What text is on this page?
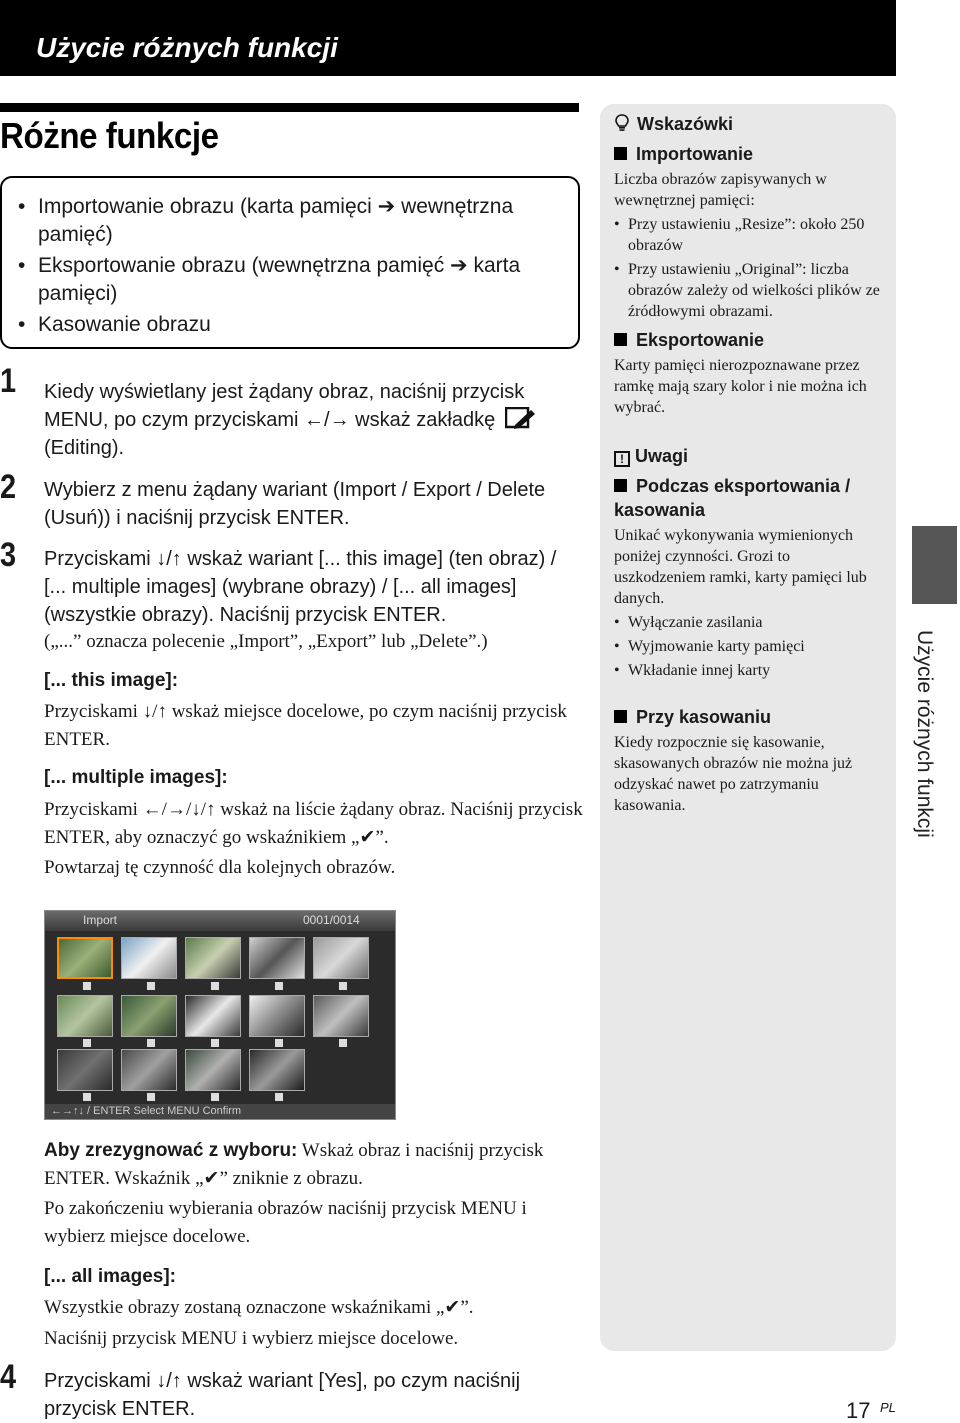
Użycie różnych funkcji
Różne funkcje
• Importowanie obrazu (karta pamięci ➔ wewnętrzna pamięć)
• Eksportowanie obrazu (wewnętrzna pamięć ➔ karta pamięci)
• Kasowanie obrazu
1 Kiedy wyświetlany jest żądany obraz, naciśnij przycisk MENU, po czym przyciskami ←/→ wskaż zakładkę  (Editing).
2 Wybierz z menu żądany wariant (Import / Export / Delete (Usuń)) i naciśnij przycisk ENTER.
3 Przyciskami ↓/↑ wskaż wariant [... this image] (ten obraz) / [... multiple images] (wybrane obrazy) / [... all images] (wszystkie obrazy). Naciśnij przycisk ENTER.
(„...” oznacza polecenie „Import”, „Export” lub „Delete”.)
[... this image]:
Przyciskami ↓/↑ wskaż miejsce docelowe, po czym naciśnij przycisk ENTER.
[... multiple images]:
Przyciskami ←/→/↓/↑ wskaż na liście żądany obraz. Naciśnij przycisk ENTER, aby oznaczyć go wskaźnikiem „✔”.
Powtarzaj tę czynność dla kolejnych obrazów.
Import	0001/0014
←→↑↓ / ENTER Select MENU Confirm
Aby zrezygnować z wyboru: Wskaż obraz i naciśnij przycisk ENTER. Wskaźnik „✔” zniknie z obrazu.
Po zakończeniu wybierania obrazów naciśnij przycisk MENU i wybierz miejsce docelowe.
[... all images]:
Wszystkie obrazy zostaną oznaczone wskaźnikami „✔”.
Naciśnij przycisk MENU i wybierz miejsce docelowe.
4 Przyciskami ↓/↑ wskaż wariant [Yes], po czym naciśnij przycisk ENTER.
Wskazówki
Importowanie
Liczba obrazów zapisywanych w wewnętrznej pamięci:
• Przy ustawieniu „Resize”: około 250 obrazów
• Przy ustawieniu „Original”: liczba obrazów zależy od wielkości plików ze źródłowymi obrazami.
Eksportowanie
Karty pamięci nierozpoznawane przez ramkę mają szary kolor i nie można ich wybrać.
! Uwagi
Podczas eksportowania / kasowania
Unikać wykonywania wymienionych poniżej czynności. Grozi to uszkodzeniem ramki, karty pamięci lub danych.
• Wyłączanie zasilania
• Wyjmowanie karty pamięci
• Wkładanie innej karty
Przy kasowaniu
Kiedy rozpocznie się kasowanie, skasowanych obrazów nie można już odzyskać nawet po zatrzymaniu kasowania.	Użycie różnych funkcji
17 PL
